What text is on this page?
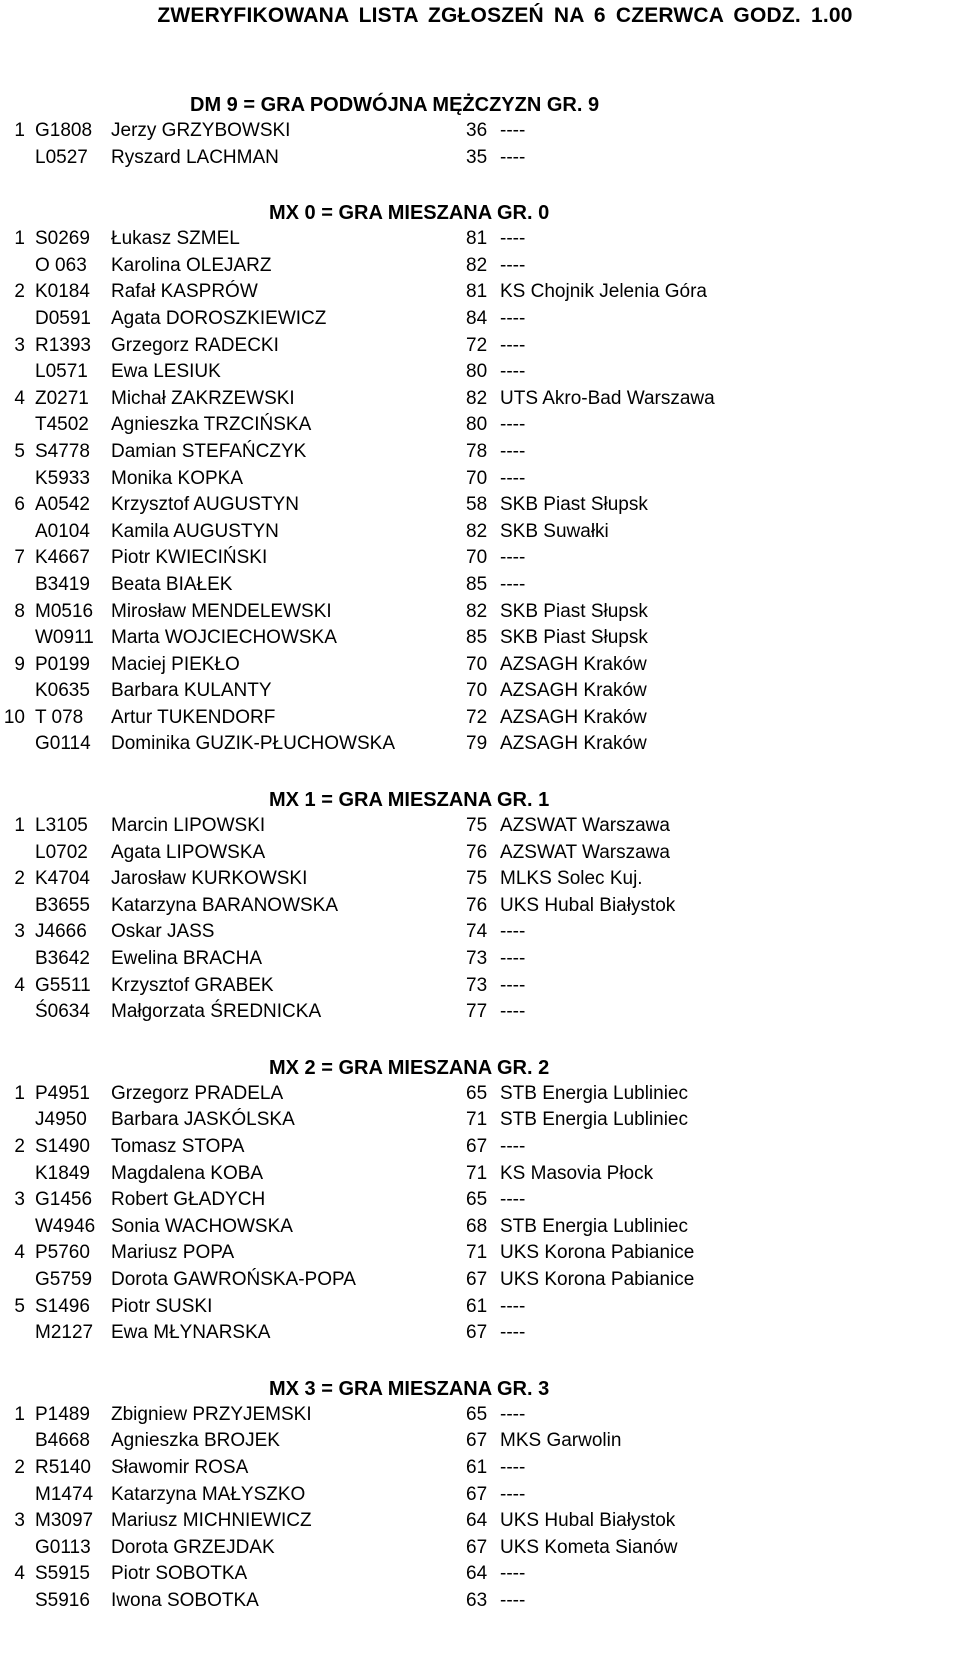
ZWERYFIKOWANA LISTA ZGŁOSZEŃ NA 6 CZERWCA GODZ. 1.00
DM 9 = GRA PODWÓJNA MĘŻCZYZN GR. 9
1 G1808 Jerzy GRZYBOWSKI	36 ----
L0527 Ryszard LACHMAN	35 ----
MX 0 = GRA MIESZANA GR. 0
1 S0269 Łukasz SZMEL	81 ----
O 063 Karolina OLEJARZ	82 ----
2 K0184 Rafał KASPRÓW	81 KS Chojnik Jelenia Góra
D0591 Agata DOROSZKIEWICZ	84 ----
3 R1393 Grzegorz RADECKI	72 ----
L0571 Ewa LESIUK	80 ----
4 Z0271 Michał ZAKRZEWSKI	82 UTS Akro-Bad Warszawa
T4502 Agnieszka TRZCIŃSKA	80 ----
5 S4778 Damian STEFAŃCZYK	78 ----
K5933 Monika KOPKA	70 ----
6 A0542 Krzysztof AUGUSTYN	58 SKB Piast Słupsk
A0104 Kamila AUGUSTYN	82 SKB Suwałki
7 K4667 Piotr KWIECIŃSKI	70 ----
B3419 Beata BIAŁEK	85 ----
8 M0516 Mirosław MENDELEWSKI	82 SKB Piast Słupsk
W0911 Marta WOJCIECHOWSKA	85 SKB Piast Słupsk
9 P0199 Maciej PIEKŁO	70 AZSAGH Kraków
K0635 Barbara KULANTY	70 AZSAGH Kraków
10 T 078 Artur TUKENDORF	72 AZSAGH Kraków
G0114 Dominika GUZIK-PŁUCHOWSKA	79 AZSAGH Kraków
MX 1 = GRA MIESZANA GR. 1
1 L3105 Marcin LIPOWSKI	75 AZSWAT Warszawa
L0702 Agata LIPOWSKA	76 AZSWAT Warszawa
2 K4704 Jarosław KURKOWSKI	75 MLKS Solec Kuj.
B3655 Katarzyna BARANOWSKA	76 UKS Hubal Białystok
3 J4666 Oskar JASS	74 ----
B3642 Ewelina BRACHA	73 ----
4 G5511 Krzysztof GRABEK	73 ----
Ś0634 Małgorzata ŚREDNICKA	77 ----
MX 2 = GRA MIESZANA GR. 2
1 P4951 Grzegorz PRADELA	65 STB Energia Lubliniec
J4950 Barbara JASKÓLSKA	71 STB Energia Lubliniec
2 S1490 Tomasz STOPA	67 ----
K1849 Magdalena KOBA	71 KS Masovia Płock
3 G1456 Robert GŁADYCH	65 ----
W4946 Sonia WACHOWSKA	68 STB Energia Lubliniec
4 P5760 Mariusz POPA	71 UKS Korona Pabianice
G5759 Dorota GAWROŃSKA-POPA	67 UKS Korona Pabianice
5 S1496 Piotr SUSKI	61 ----
M2127 Ewa MŁYNARSKA	67 ----
MX 3 = GRA MIESZANA GR. 3
1 P1489 Zbigniew PRZYJEMSKI	65 ----
B4668 Agnieszka BROJEK	67 MKS Garwolin
2 R5140 Sławomir ROSA	61 ----
M1474 Katarzyna MAŁYSZKO	67 ----
3 M3097 Mariusz MICHNIEWICZ	64 UKS Hubal Białystok
G0113 Dorota GRZEJDAK	67 UKS Kometa Sianów
4 S5915 Piotr SOBOTKA	64 ----
S5916 Iwona SOBOTKA	63 ----
